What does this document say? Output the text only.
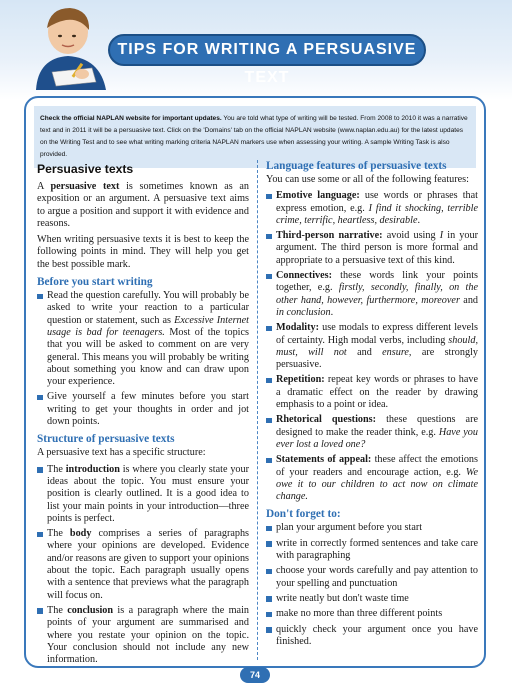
TIPS FOR WRITING A PERSUASIVE TEXT
Check the official NAPLAN website for important updates. You are told what type of writing will be tested. From 2008 to 2010 it was a narrative text and in 2011 it will be a persuasive text. Click on the 'Domains' tab on the official NAPLAN website (www.naplan.edu.au) for the latest updates on the Writing Test and to see what writing marking criteria NAPLAN markers use when assessing your writing. A sample Writing Task is also provided.
Persuasive texts

A persuasive text is sometimes known as an exposition or an argument. A persuasive text aims to argue a position and support it with evidence and reasons.

When writing persuasive texts it is best to keep the following points in mind. They will help you get the best possible mark.

Before you start writing
Read the question carefully. You will probably be asked to write your reaction to a particular question or statement, such as Excessive Internet usage is bad for teenagers. Most of the topics that you will be asked to comment on are very general. This means you will probably be writing about something you know and can draw upon your experience.
Give yourself a few minutes before you start writing to get your thoughts in order and jot down points.
Structure of persuasive texts

A persuasive text has a specific structure:

The introduction is where you clearly state your ideas about the topic. You must ensure your position is clearly outlined. It is a good idea to list your main points in your introduction—three points is perfect.
The body comprises a series of paragraphs where your opinions are developed. Evidence and/or reasons are given to support your opinions about the topic. Each paragraph usually opens with a sentence that previews what the paragraph will focus on.
The conclusion is a paragraph where the main points of your argument are summarised and where you restate your opinion on the topic. Your conclusion should not include any new information.
Language features of persuasive texts

You can use some or all of the following features:

Emotive language: use words or phrases that express emotion, e.g. I find it shocking, terrible crime, terrific, heartless, desirable.
Third-person narrative: avoid using I in your argument. The third person is more formal and appropriate to a persuasive text of this kind.
Connectives: these words link your points together, e.g. firstly, secondly, finally, on the other hand, however, furthermore, moreover and in conclusion.
Modality: use modals to express different levels of certainty. High modal verbs, including should, must, will not and ensure, are strongly persuasive.
Repetition: repeat key words or phrases to have a dramatic effect on the reader by drawing emphasis to a point or idea.
Rhetorical questions: these questions are designed to make the reader think, e.g. Have you ever lost a loved one?
Statements of appeal: these affect the emotions of your readers and encourage action, e.g. We owe it to our children to act now on climate change.
Don't forget to:
plan your argument before you start
write in correctly formed sentences and take care with paragraphing
choose your words carefully and pay attention to your spelling and punctuation
write neatly but don't waste time
make no more than three different points
quickly check your argument once you have finished.
74
